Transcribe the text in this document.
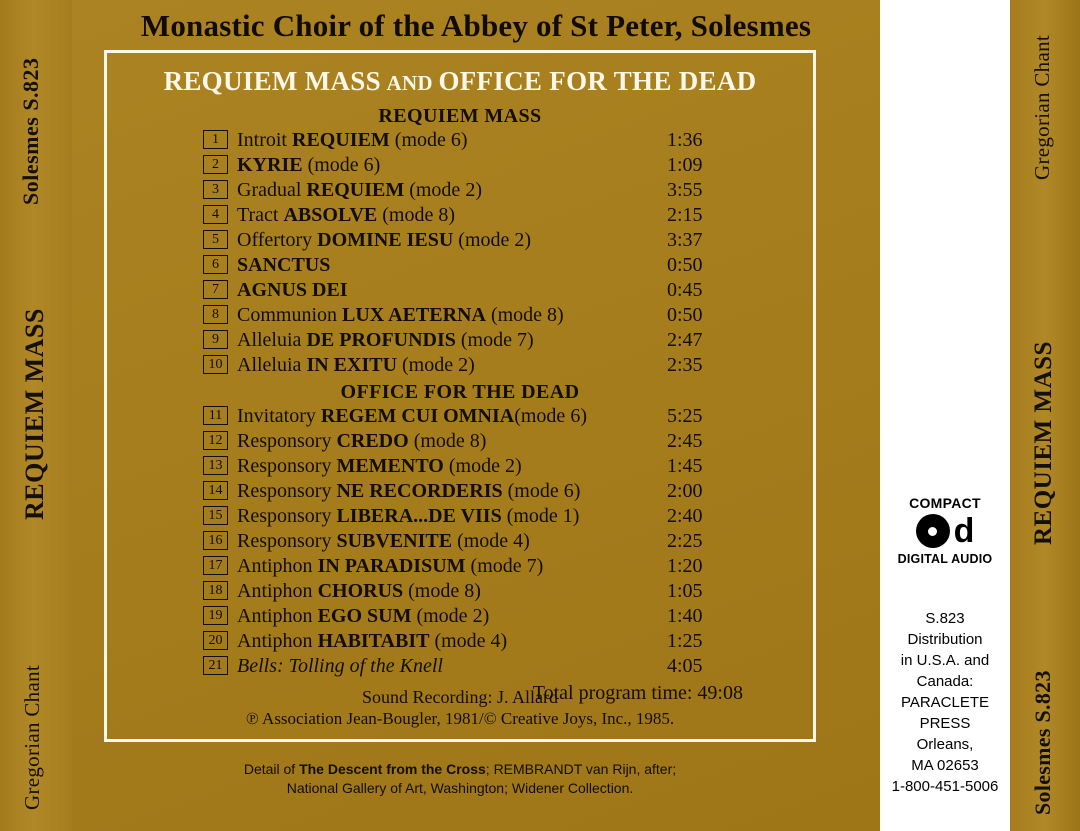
Solesmes S.823
REQUIEM MASS
Gregorian Chant
Monastic Choir of the Abbey of St Peter, Solesmes
REQUIEM MASS AND OFFICE FOR THE DEAD
REQUIEM MASS
1 Introit REQUIEM (mode 6)	1:36
2 KYRIE (mode 6)	1:09
3 Gradual REQUIEM (mode 2)	3:55
4 Tract ABSOLVE (mode 8)	2:15
5 Offertory DOMINE IESU (mode 2)	3:37
6 SANCTUS	0:50
7 AGNUS DEI	0:45
8 Communion LUX AETERNA (mode 8)	0:50
9 Alleluia DE PROFUNDIS (mode 7)	2:47
10 Alleluia IN EXITU (mode 2)	2:35
OFFICE FOR THE DEAD
11 Invitatory REGEM CUI OMNIA(mode 6)	5:25
12 Responsory CREDO (mode 8)	2:45
13 Responsory MEMENTO (mode 2)	1:45
14 Responsory NE RECORDERIS (mode 6)	2:00
15 Responsory LIBERA...DE VIIS (mode 1)	2:40
16 Responsory SUBVENITE (mode 4)	2:25
17 Antiphon IN PARADISUM (mode 7)	1:20
18 Antiphon CHORUS (mode 8)	1:05
19 Antiphon EGO SUM (mode 2)	1:40
20 Antiphon HABITABIT (mode 4)	1:25
21 Bells: Tolling of the Knell	4:05
Total program time: 49:08
Sound Recording: J. Allard
℗ Association Jean-Bougler, 1981/© Creative Joys, Inc., 1985.
Detail of The Descent from the Cross; REMBRANDT van Rijn, after;
National Gallery of Art, Washington; Widener Collection.
COMPACT
d
DIGITAL AUDIO
S.823
Distribution
in U.S.A. and
Canada:
PARACLETE
PRESS
Orleans,
MA 02653
1-800-451-5006
Gregorian Chant
REQUIEM MASS
Solesmes S.823
